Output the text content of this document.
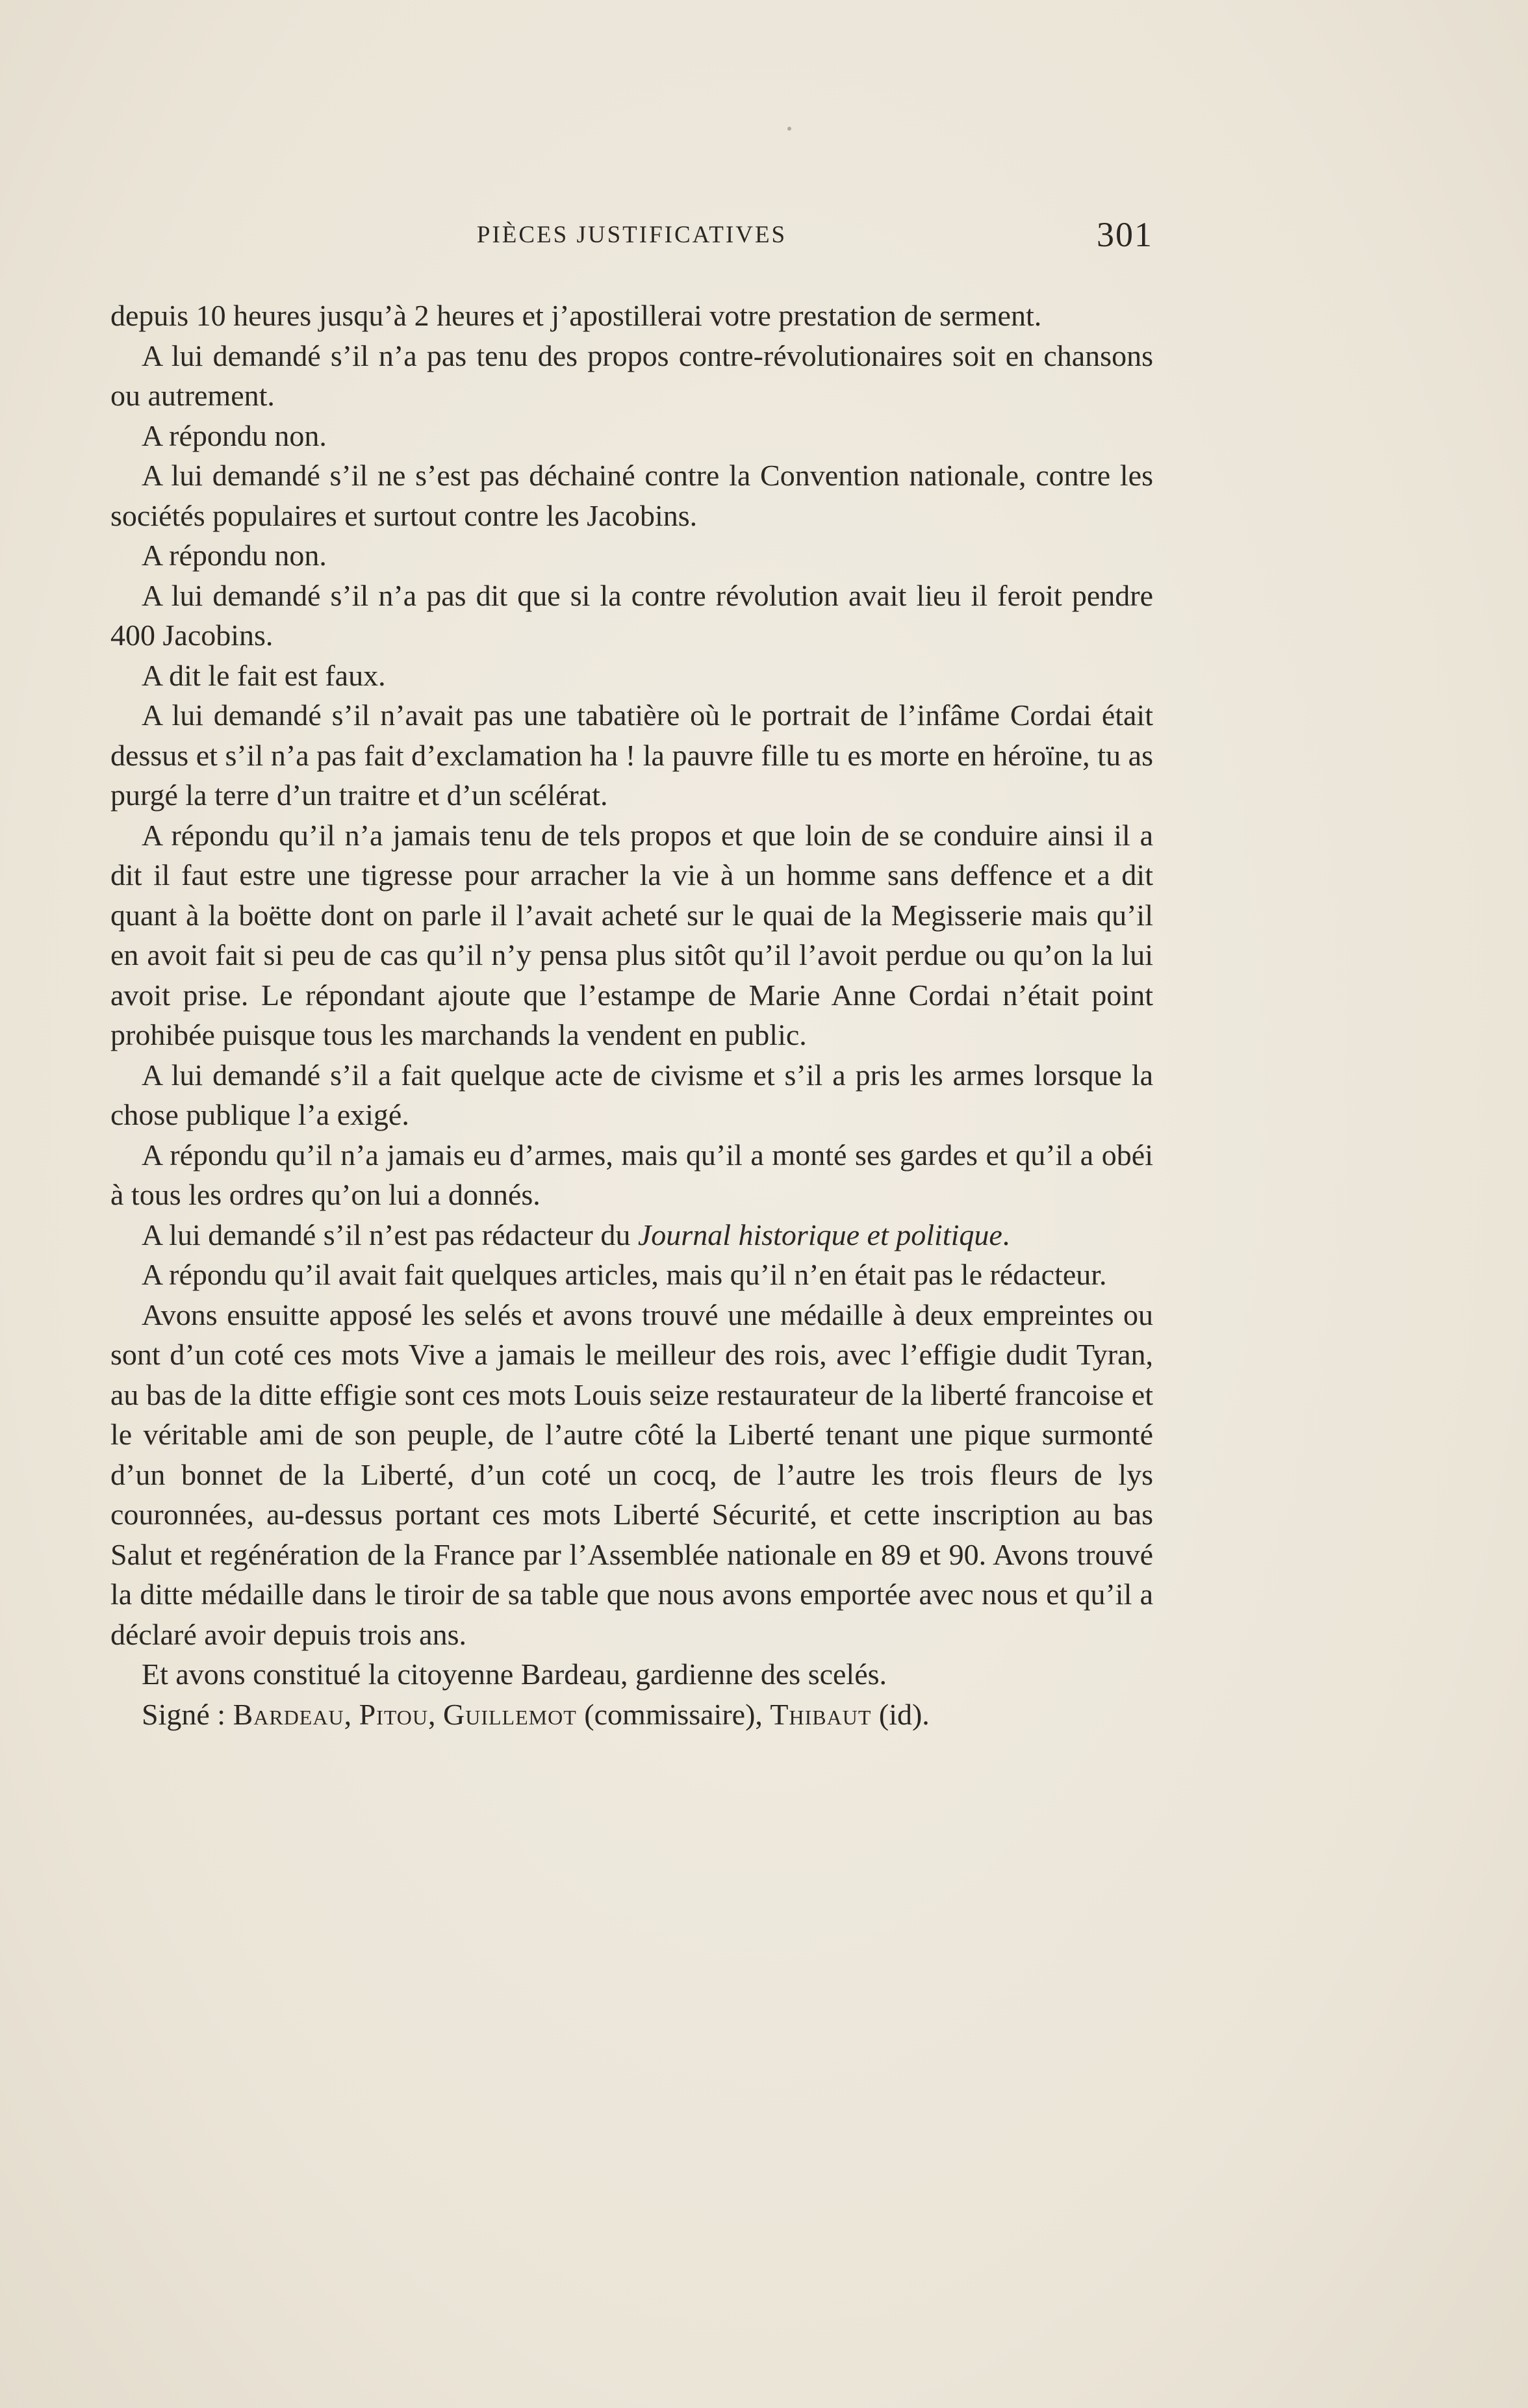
PIÈCES JUSTIFICATIVES	301

depuis 10 heures jusqu’à 2 heures et j’apostillerai votre prestation de serment.

A lui demandé s’il n’a pas tenu des propos contre-révolutionaires soit en chansons ou autrement.

A répondu non.

A lui demandé s’il ne s’est pas déchainé contre la Convention nationale, contre les sociétés populaires et surtout contre les Jacobins.

A répondu non.

A lui demandé s’il n’a pas dit que si la contre révolution avait lieu il feroit pendre 400 Jacobins.

A dit le fait est faux.

A lui demandé s’il n’avait pas une tabatière où le portrait de l’infâme Cordai était dessus et s’il n’a pas fait d’exclamation ha ! la pauvre fille tu es morte en héroïne, tu as purgé la terre d’un traitre et d’un scélérat.

A répondu qu’il n’a jamais tenu de tels propos et que loin de se conduire ainsi il a dit il faut estre une tigresse pour arracher la vie à un homme sans deffence et a dit quant à la boëtte dont on parle il l’avait acheté sur le quai de la Megisserie mais qu’il en avoit fait si peu de cas qu’il n’y pensa plus sitôt qu’il l’avoit perdue ou qu’on la lui avoit prise. Le répondant ajoute que l’estampe de Marie Anne Cordai n’était point prohibée puisque tous les marchands la vendent en public.

A lui demandé s’il a fait quelque acte de civisme et s’il a pris les armes lorsque la chose publique l’a exigé.

A répondu qu’il n’a jamais eu d’armes, mais qu’il a monté ses gardes et qu’il a obéi à tous les ordres qu’on lui a donnés.

A lui demandé s’il n’est pas rédacteur du Journal historique et politique.

A répondu qu’il avait fait quelques articles, mais qu’il n’en était pas le rédacteur.

Avons ensuitte apposé les selés et avons trouvé une médaille à deux empreintes ou sont d’un coté ces mots Vive a jamais le meilleur des rois, avec l’effigie dudit Tyran, au bas de la ditte effigie sont ces mots Louis seize restaurateur de la liberté francoise et le véritable ami de son peuple, de l’autre côté la Liberté tenant une pique surmonté d’un bonnet de la Liberté, d’un coté un cocq, de l’autre les trois fleurs de lys couronnées, au-dessus portant ces mots Liberté Sécurité, et cette inscription au bas Salut et regénération de la France par l’Assemblée nationale en 89 et 90. Avons trouvé la ditte médaille dans le tiroir de sa table que nous avons emportée avec nous et qu’il a déclaré avoir depuis trois ans.

Et avons constitué la citoyenne Bardeau, gardienne des scelés.

Signé : Bardeau, Pitou, Guillemot (commissaire), Thibaut (id).
